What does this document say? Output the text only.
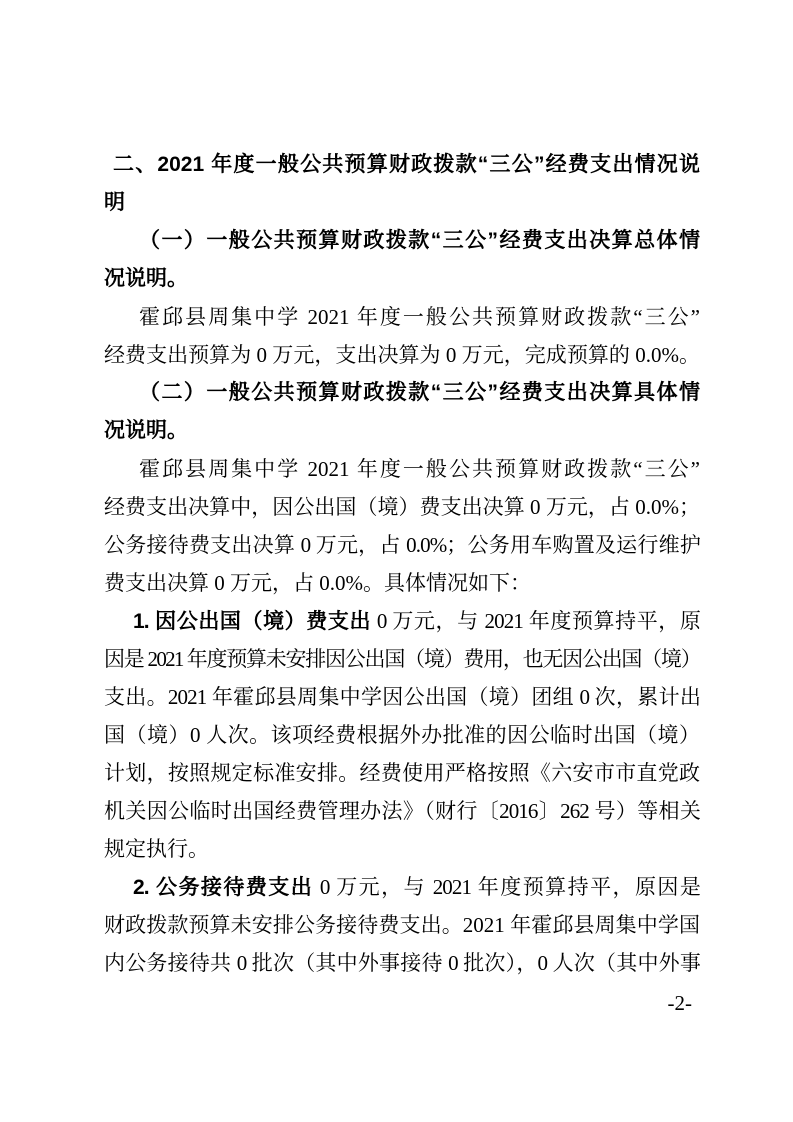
二、2021 年度一般公共预算财政拨款“三公”经费支出情况说
明
（一）一般公共预算财政拨款“三公”经费支出决算总体情
况说明。
霍邱县周集中学 2021 年度一般公共预算财政拨款“三公”
经费支出预算为 0 万元，支出决算为 0 万元，完成预算的 0.0%。
（二）一般公共预算财政拨款“三公”经费支出决算具体情
况说明。
霍邱县周集中学 2021 年度一般公共预算财政拨款“三公”
经费支出决算中，因公出国（境）费支出决算 0 万元，占 0.0%；
公务接待费支出决算 0 万元，占 0.0%；公务用车购置及运行维护
费支出决算 0 万元，占 0.0%。具体情况如下：
1. 因公出国（境）费支出 0 万元，与 2021 年度预算持平，原
因是 2021 年度预算未安排因公出国（境）费用，也无因公出国（境）
支出。2021 年霍邱县周集中学因公出国（境）团组 0 次，累计出
国（境）0 人次。该项经费根据外办批准的因公临时出国（境）
计划，按照规定标准安排。经费使用严格按照《六安市市直党政
机关因公临时出国经费管理办法》（财行〔2016〕262 号）等相关
规定执行。
2. 公务接待费支出 0 万元，与 2021 年度预算持平，原因是
财政拨款预算未安排公务接待费支出。2021 年霍邱县周集中学国
内公务接待共 0 批次（其中外事接待 0 批次），0 人次（其中外事
-2-
